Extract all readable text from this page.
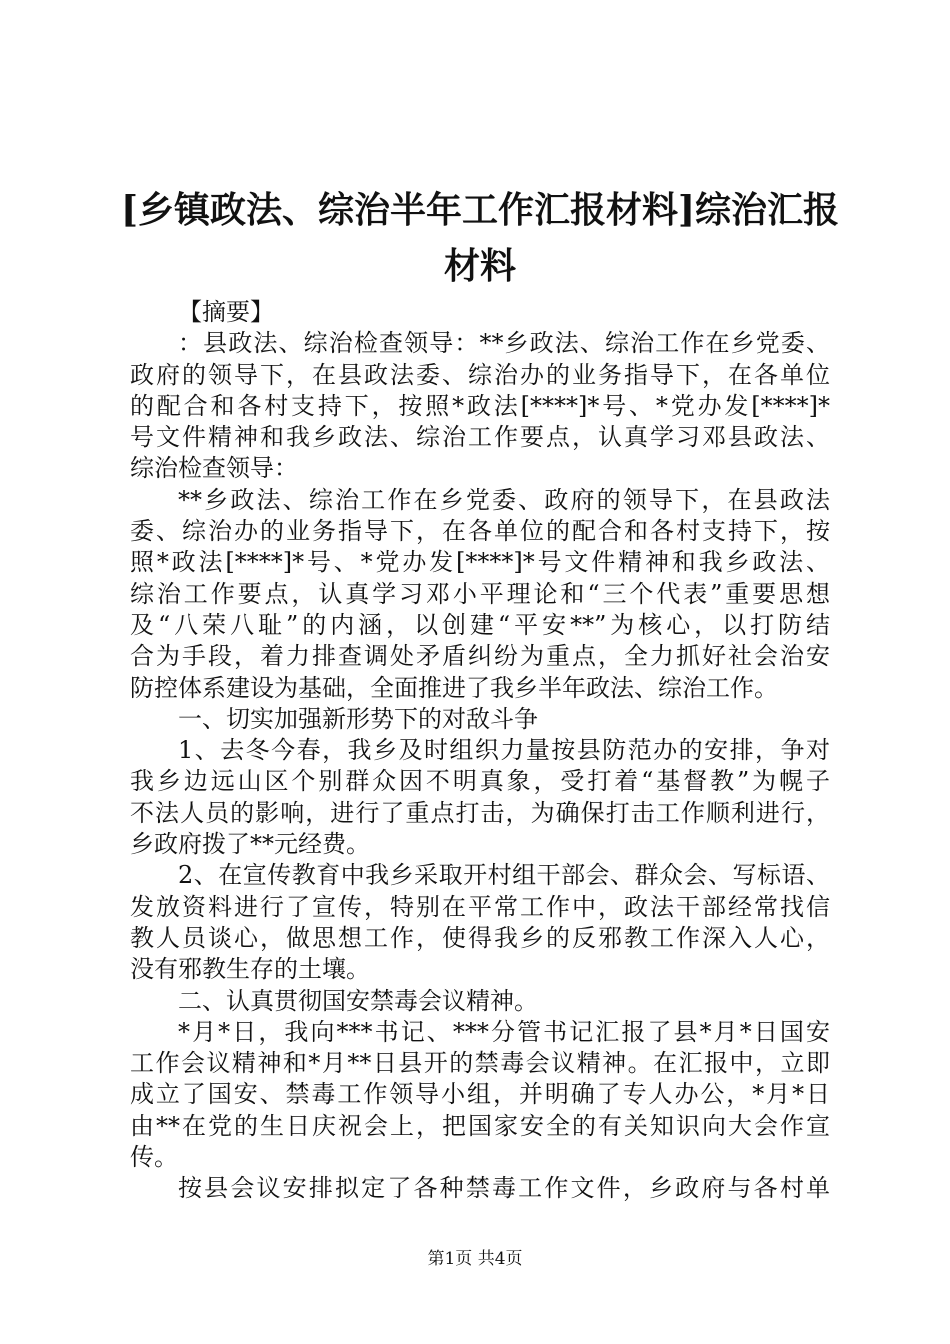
[乡镇政法、综治半年工作汇报材料]综治汇报
材料
【摘要】
：县政法、综治检查领导：**乡政法、综治工作在乡党委、
政府的领导下，在县政法委、综治办的业务指导下，在各单位
的配合和各村支持下，按照*政法[****]*号、*党办发[****]*
号文件精神和我乡政法、综治工作要点，认真学习邓县政法、
综治检查领导：
**乡政法、综治工作在乡党委、政府的领导下，在县政法
委、综治办的业务指导下，在各单位的配合和各村支持下，按
照*政法[****]*号、*党办发[****]*号文件精神和我乡政法、
综治工作要点，认真学习邓小平理论和“三个代表”重要思想
及“八荣八耻”的内涵，以创建“平安**”为核心，以打防结
合为手段，着力排查调处矛盾纠纷为重点，全力抓好社会治安
防控体系建设为基础，全面推进了我乡半年政法、综治工作。
一、切实加强新形势下的对敌斗争
1、去冬今春，我乡及时组织力量按县防范办的安排，争对
我乡边远山区个别群众因不明真象，受打着“基督教”为幌子
不法人员的影响，进行了重点打击，为确保打击工作顺利进行，
乡政府拨了**元经费。
2、在宣传教育中我乡采取开村组干部会、群众会、写标语、
发放资料进行了宣传，特别在平常工作中，政法干部经常找信
教人员谈心，做思想工作，使得我乡的反邪教工作深入人心，
没有邪教生存的土壤。
二、认真贯彻国安禁毒会议精神。
*月*日，我向***书记、***分管书记汇报了县*月*日国安
工作会议精神和*月**日县开的禁毒会议精神。在汇报中，立即
成立了国安、禁毒工作领导小组，并明确了专人办公，*月*日
由**在党的生日庆祝会上，把国家安全的有关知识向大会作宣
传。
按县会议安排拟定了各种禁毒工作文件，乡政府与各村单
第1页 共4页
